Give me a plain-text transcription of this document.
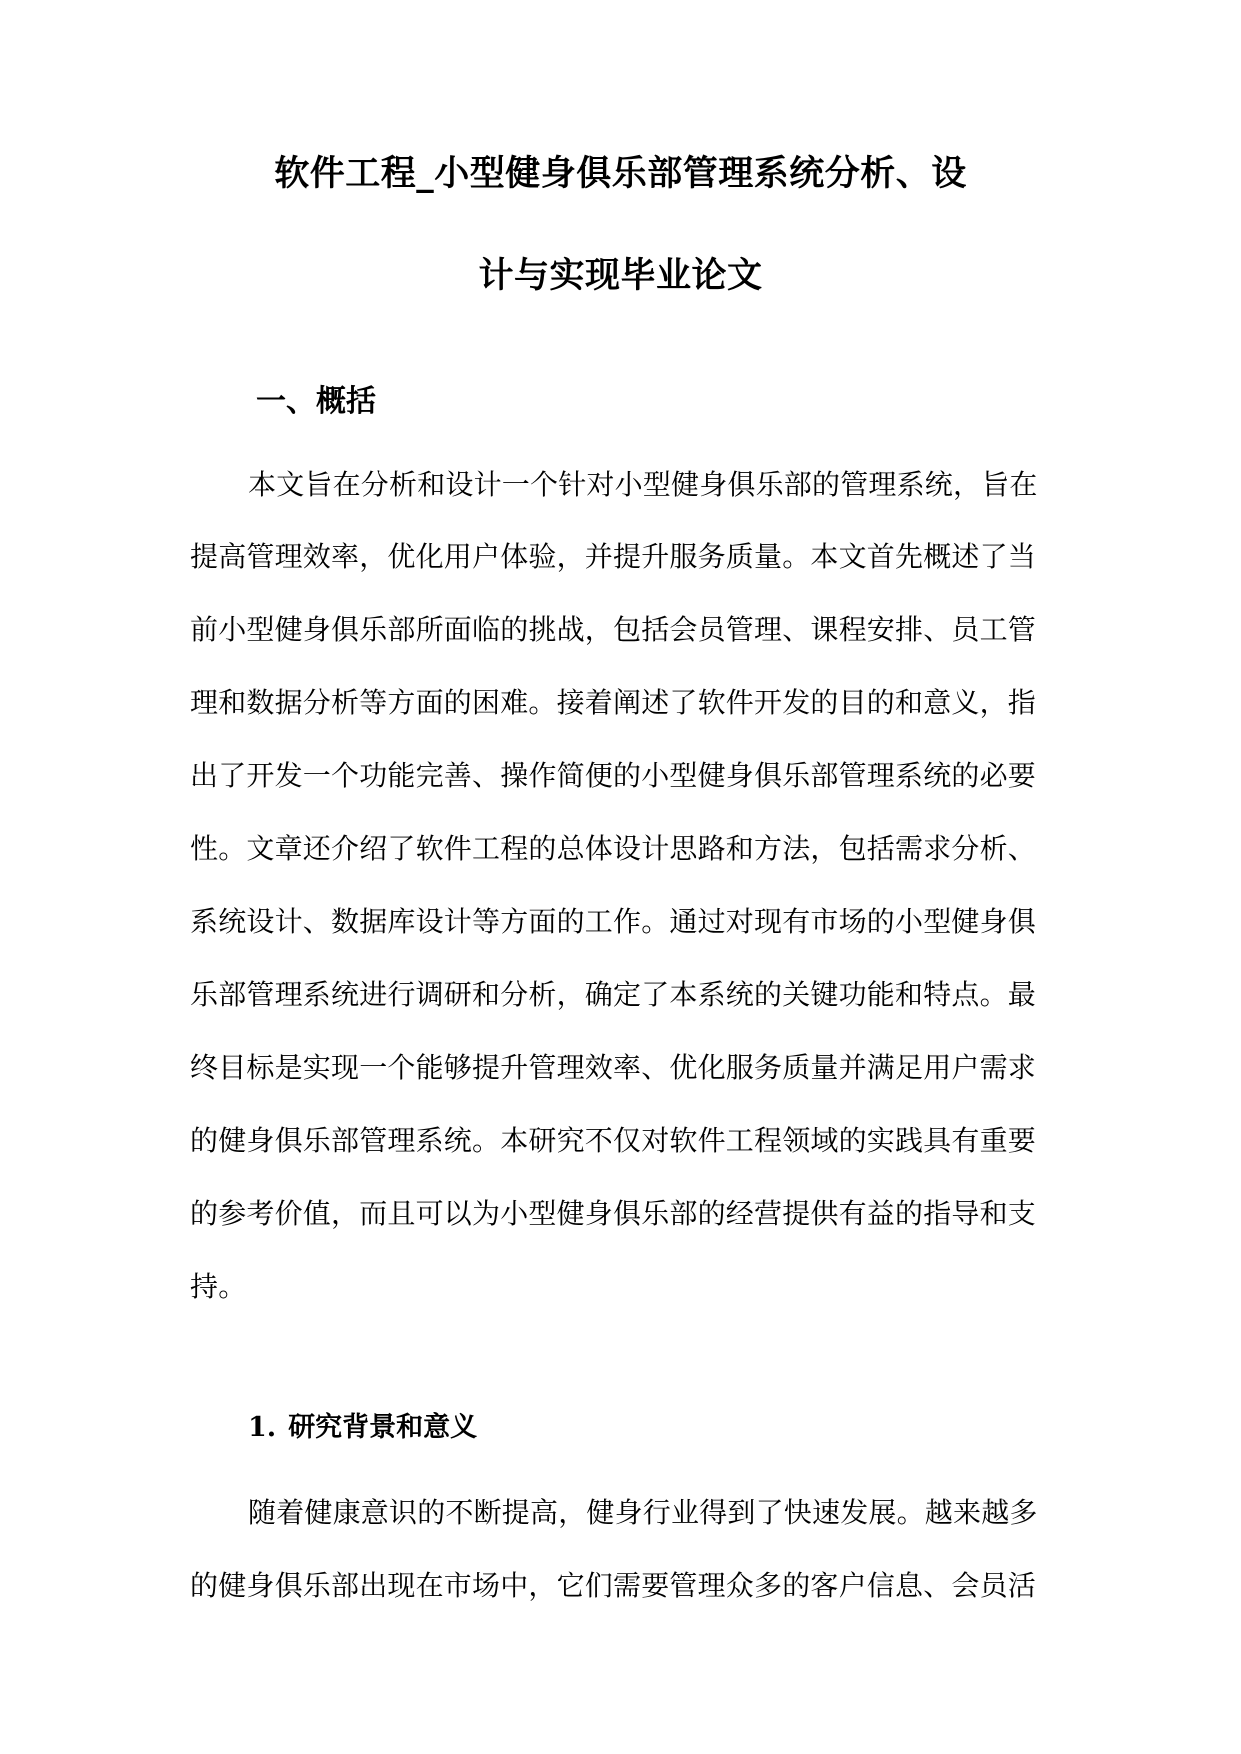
软件工程_小型健身俱乐部管理系统分析、设
计与实现毕业论文
一、概括
本文旨在分析和设计一个针对小型健身俱乐部的管理系统，旨在
提高管理效率，优化用户体验，并提升服务质量。本文首先概述了当
前小型健身俱乐部所面临的挑战，包括会员管理、课程安排、员工管
理和数据分析等方面的困难。接着阐述了软件开发的目的和意义，指
出了开发一个功能完善、操作简便的小型健身俱乐部管理系统的必要
性。文章还介绍了软件工程的总体设计思路和方法，包括需求分析、
系统设计、数据库设计等方面的工作。通过对现有市场的小型健身俱
乐部管理系统进行调研和分析，确定了本系统的关键功能和特点。最
终目标是实现一个能够提升管理效率、优化服务质量并满足用户需求
的健身俱乐部管理系统。本研究不仅对软件工程领域的实践具有重要
的参考价值，而且可以为小型健身俱乐部的经营提供有益的指导和支
持。
1. 研究背景和意义
随着健康意识的不断提高，健身行业得到了快速发展。越来越多
的健身俱乐部出现在市场中，它们需要管理众多的客户信息、会员活
